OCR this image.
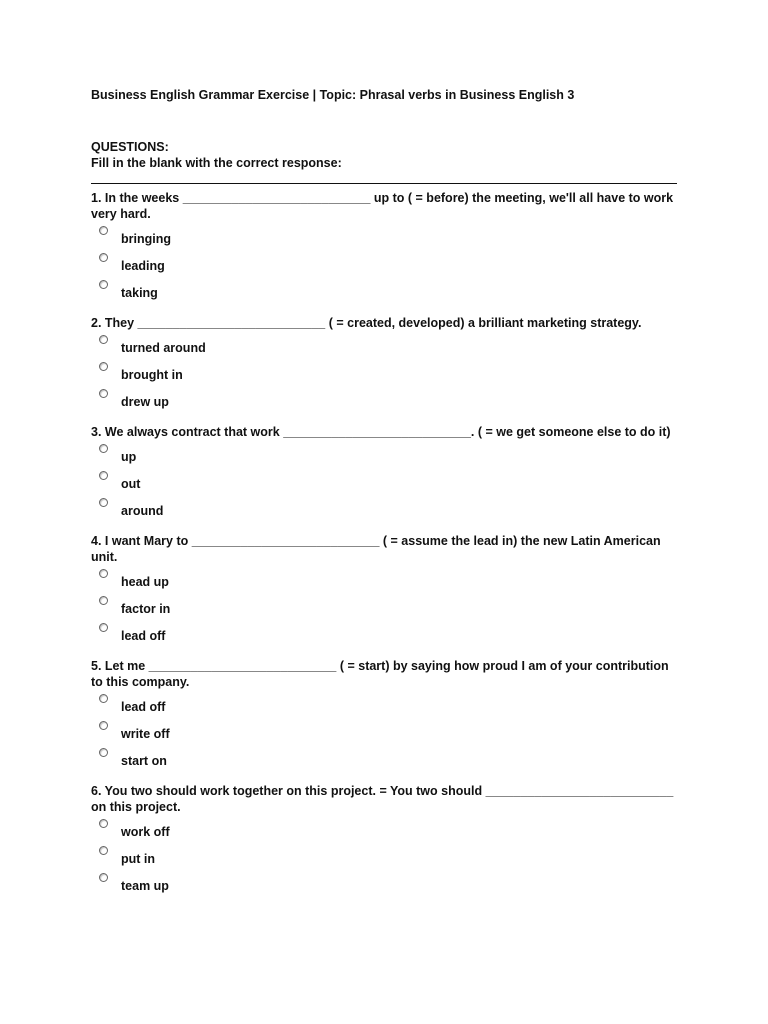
Business English Grammar Exercise | Topic: Phrasal verbs in Business English 3

QUESTIONS:
Fill in the blank with the correct response:
1. In the weeks ___________________________ up to ( = before) the meeting, we'll all have to work very hard.
bringing
leading
taking
2. They ___________________________ ( = created, developed) a brilliant marketing strategy.
turned around
brought in
drew up
3. We always contract that work ___________________________. ( = we get someone else to do it)
up
out
around
4. I want Mary to ___________________________ ( = assume the lead in) the new Latin American unit.
head up
factor in
lead off
5. Let me ___________________________ ( = start) by saying how proud I am of your contribution to this company.
lead off
write off
start on
6. You two should work together on this project. = You two should ___________________________ on this project.
work off
put in
team up
